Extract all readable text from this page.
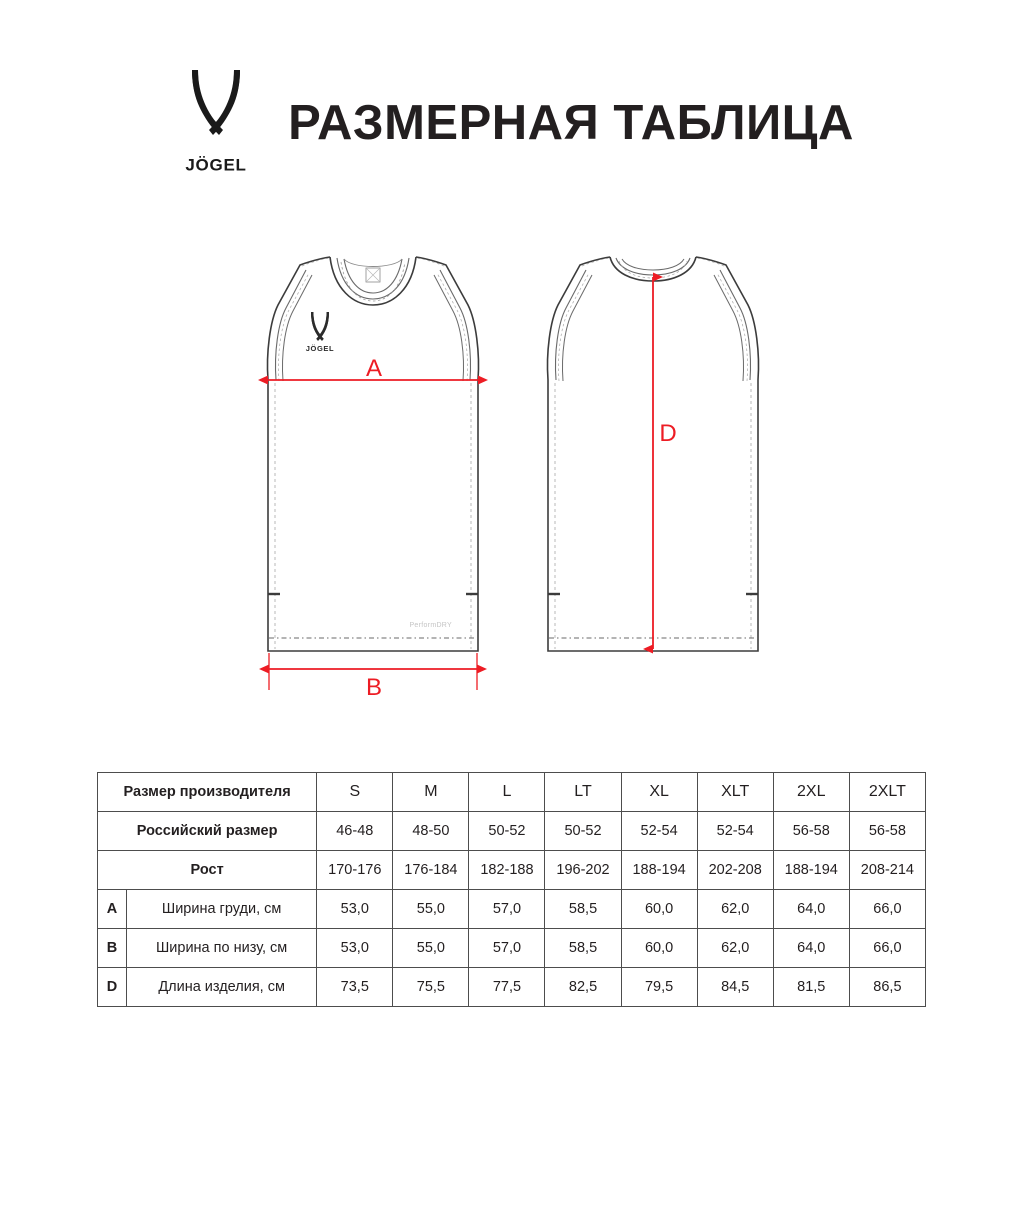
JÖGEL
РАЗМЕРНАЯ ТАБЛИЦА
PerformDRY
JÖGEL
A
B
D
Размер производителя		S	M	L	LT	XL	XLT	2XL	2XLT
Российский размер		46-48	48-50	50-52	50-52	52-54	52-54	56-58	56-58
Рост		170-176	176-184	182-188	196-202	188-194	202-208	188-194	208-214
A	Ширина груди, см	53,0	55,0	57,0	58,5	60,0	62,0	64,0	66,0
B	Ширина по низу, см	53,0	55,0	57,0	58,5	60,0	62,0	64,0	66,0
D	Длина изделия, см	73,5	75,5	77,5	82,5	79,5	84,5	81,5	86,5
